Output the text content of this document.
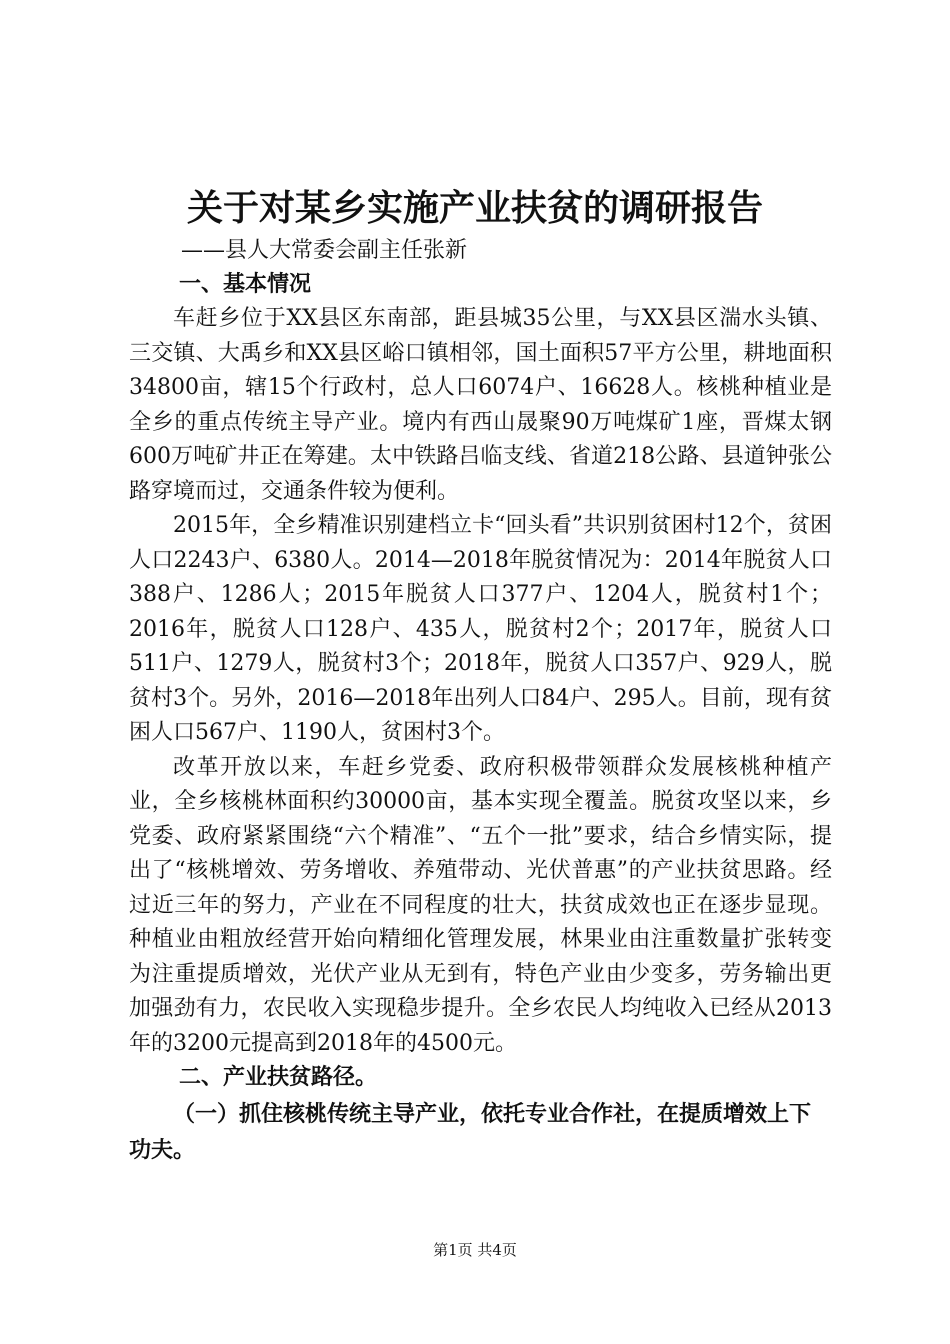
关于对某乡实施产业扶贫的调研报告
——县人大常委会副主任张新

一、基本情况

车赶乡位于XX县区东南部，距县城35公里，与XX县区湍水头镇、三交镇、大禹乡和XX县区峪口镇相邻，国土面积57平方公里，耕地面积34800亩，辖15个行政村，总人口6074户、16628人。核桃种植业是全乡的重点传统主导产业。境内有西山晟聚90万吨煤矿1座，晋煤太钢600万吨矿井正在筹建。太中铁路吕临支线、省道218公路、县道钟张公路穿境而过，交通条件较为便利。

2015年，全乡精准识别建档立卡“回头看”共识别贫困村12个，贫困人口2243户、6380人。2014—2018年脱贫情况为：2014年脱贫人口388户、1286人；2015年脱贫人口377户、1204人，脱贫村1个；2016年，脱贫人口128户、435人，脱贫村2个；2017年，脱贫人口511户、1279人，脱贫村3个；2018年，脱贫人口357户、929人，脱贫村3个。另外，2016—2018年出列人口84户、295人。目前，现有贫困人口567户、1190人，贫困村3个。

改革开放以来，车赶乡党委、政府积极带领群众发展核桃种植产业，全乡核桃林面积约30000亩，基本实现全覆盖。脱贫攻坚以来，乡党委、政府紧紧围绕“六个精准”、“五个一批”要求，结合乡情实际，提出了“核桃增效、劳务增收、养殖带动、光伏普惠”的产业扶贫思路。经过近三年的努力，产业在不同程度的壮大，扶贫成效也正在逐步显现。种植业由粗放经营开始向精细化管理发展，林果业由注重数量扩张转变为注重提质增效，光伏产业从无到有，特色产业由少变多，劳务输出更加强劲有力，农民收入实现稳步提升。全乡农民人均纯收入已经从2013年的3200元提高到2018年的4500元。

二、产业扶贫路径。

（一）抓住核桃传统主导产业，依托专业合作社，在提质增效上下功夫。

第1页 共4页
